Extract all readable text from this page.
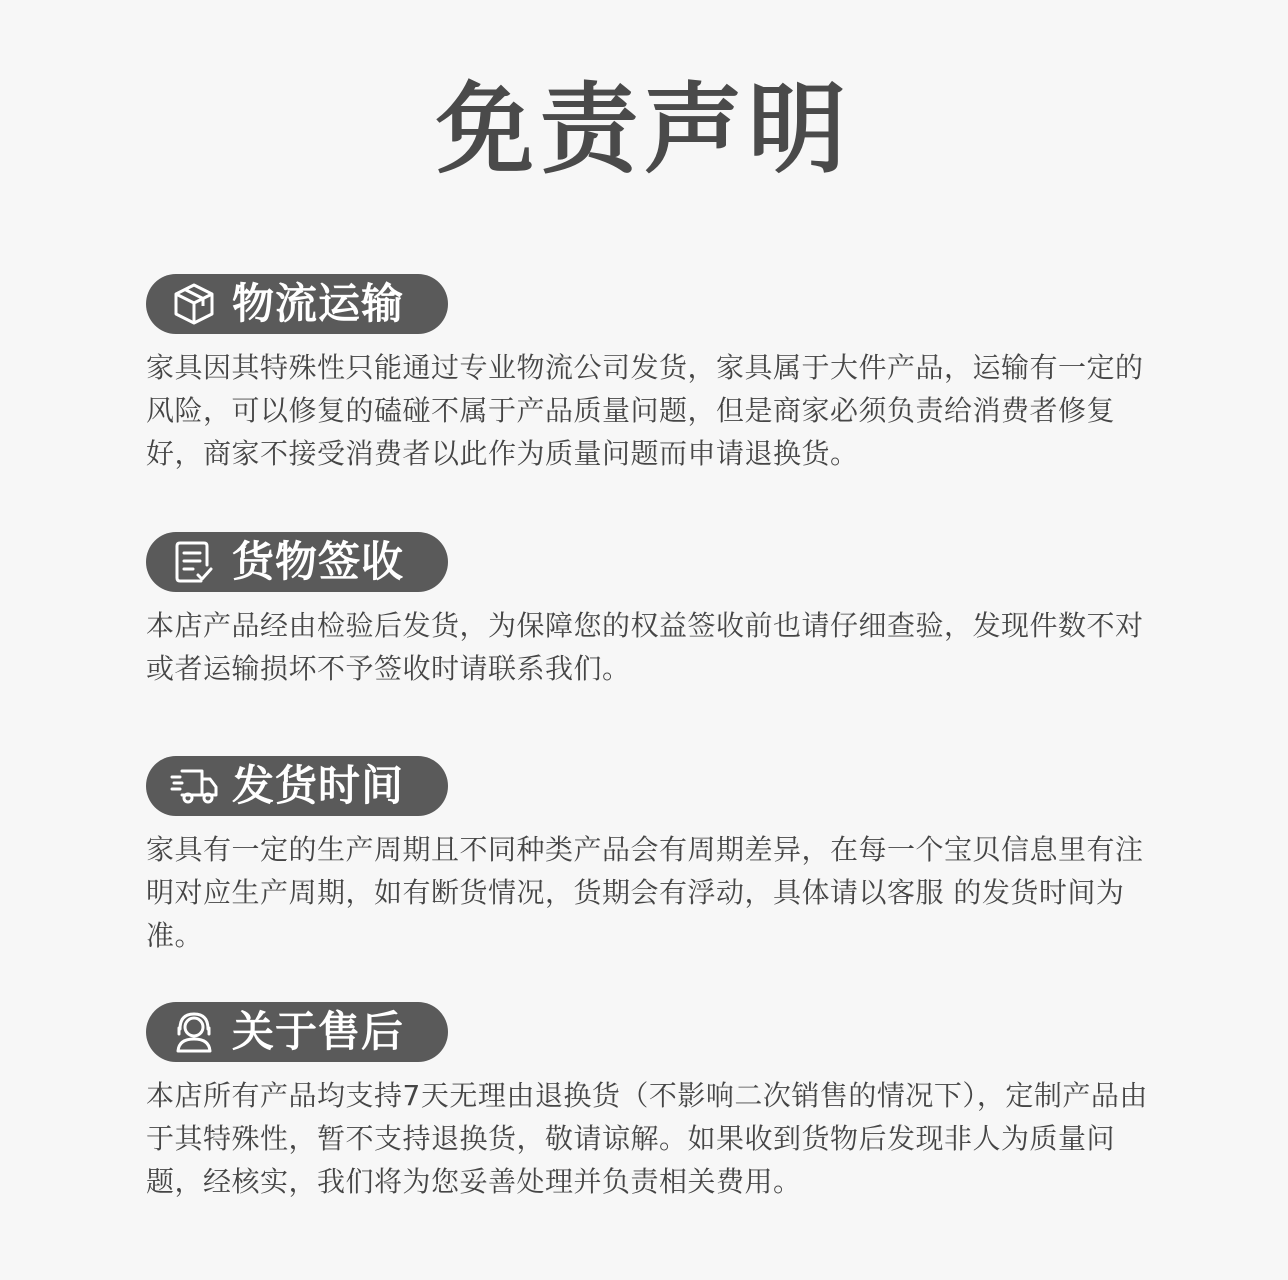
免责声明
物流运输
家具因其特殊性只能通过专业物流公司发货，家具属于大件产品，运输有一定的风险，可以修复的磕碰不属于产品质量问题，但是商家必须负责给消费者修复好，商家不接受消费者以此作为质量问题而申请退换货。
货物签收
本店产品经由检验后发货，为保障您的权益签收前也请仔细查验，发现件数不对或者运输损坏不予签收时请联系我们。
发货时间
家具有一定的生产周期且不同种类产品会有周期差异，在每一个宝贝信息里有注明对应生产周期，如有断货情况，货期会有浮动，具体请以客服 的发货时间为准。
关于售后
本店所有产品均支持7天无理由退换货（不影响二次销售的情况下），定制产品由于其特殊性，暂不支持退换货，敬请谅解。如果收到货物后发现非人为质量问题，经核实，我们将为您妥善处理并负责相关费用。
